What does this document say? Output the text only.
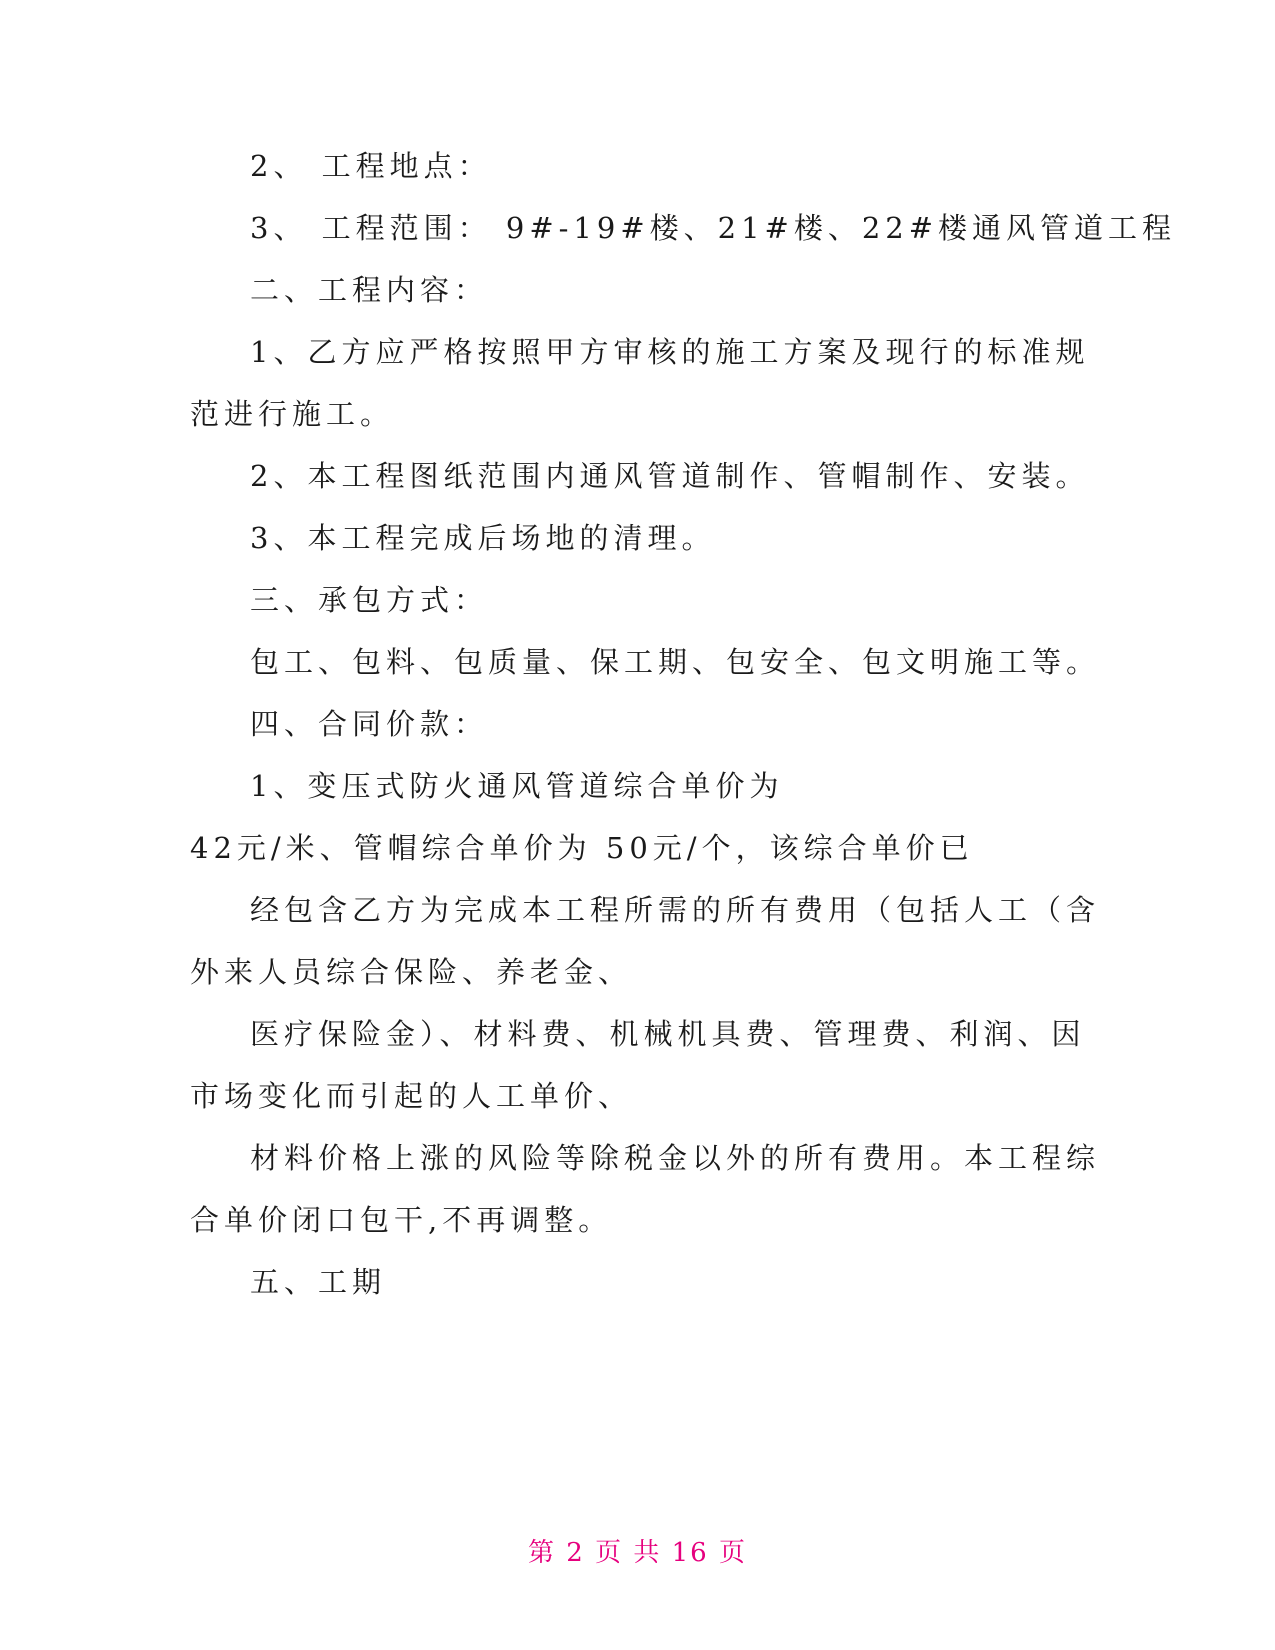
2、 工程地点：
3、 工程范围： 9#-19#楼、21#楼、22#楼通风管道工程
二、工程内容：
1、乙方应严格按照甲方审核的施工方案及现行的标准规
范进行施工。
2、本工程图纸范围内通风管道制作、管帽制作、安装。
3、本工程完成后场地的清理。
三、承包方式：
包工、包料、包质量、保工期、包安全、包文明施工等。
四、合同价款：
1、变压式防火通风管道综合单价为
42元/米、管帽综合单价为 50元/个，该综合单价已
经包含乙方为完成本工程所需的所有费用（包括人工（含
外来人员综合保险、养老金、
医疗保险金）、材料费、机械机具费、管理费、利润、因
市场变化而引起的人工单价、
材料价格上涨的风险等除税金以外的所有费用。本工程综
合单价闭口包干,不再调整。
五、工期
第 2 页 共 16 页
